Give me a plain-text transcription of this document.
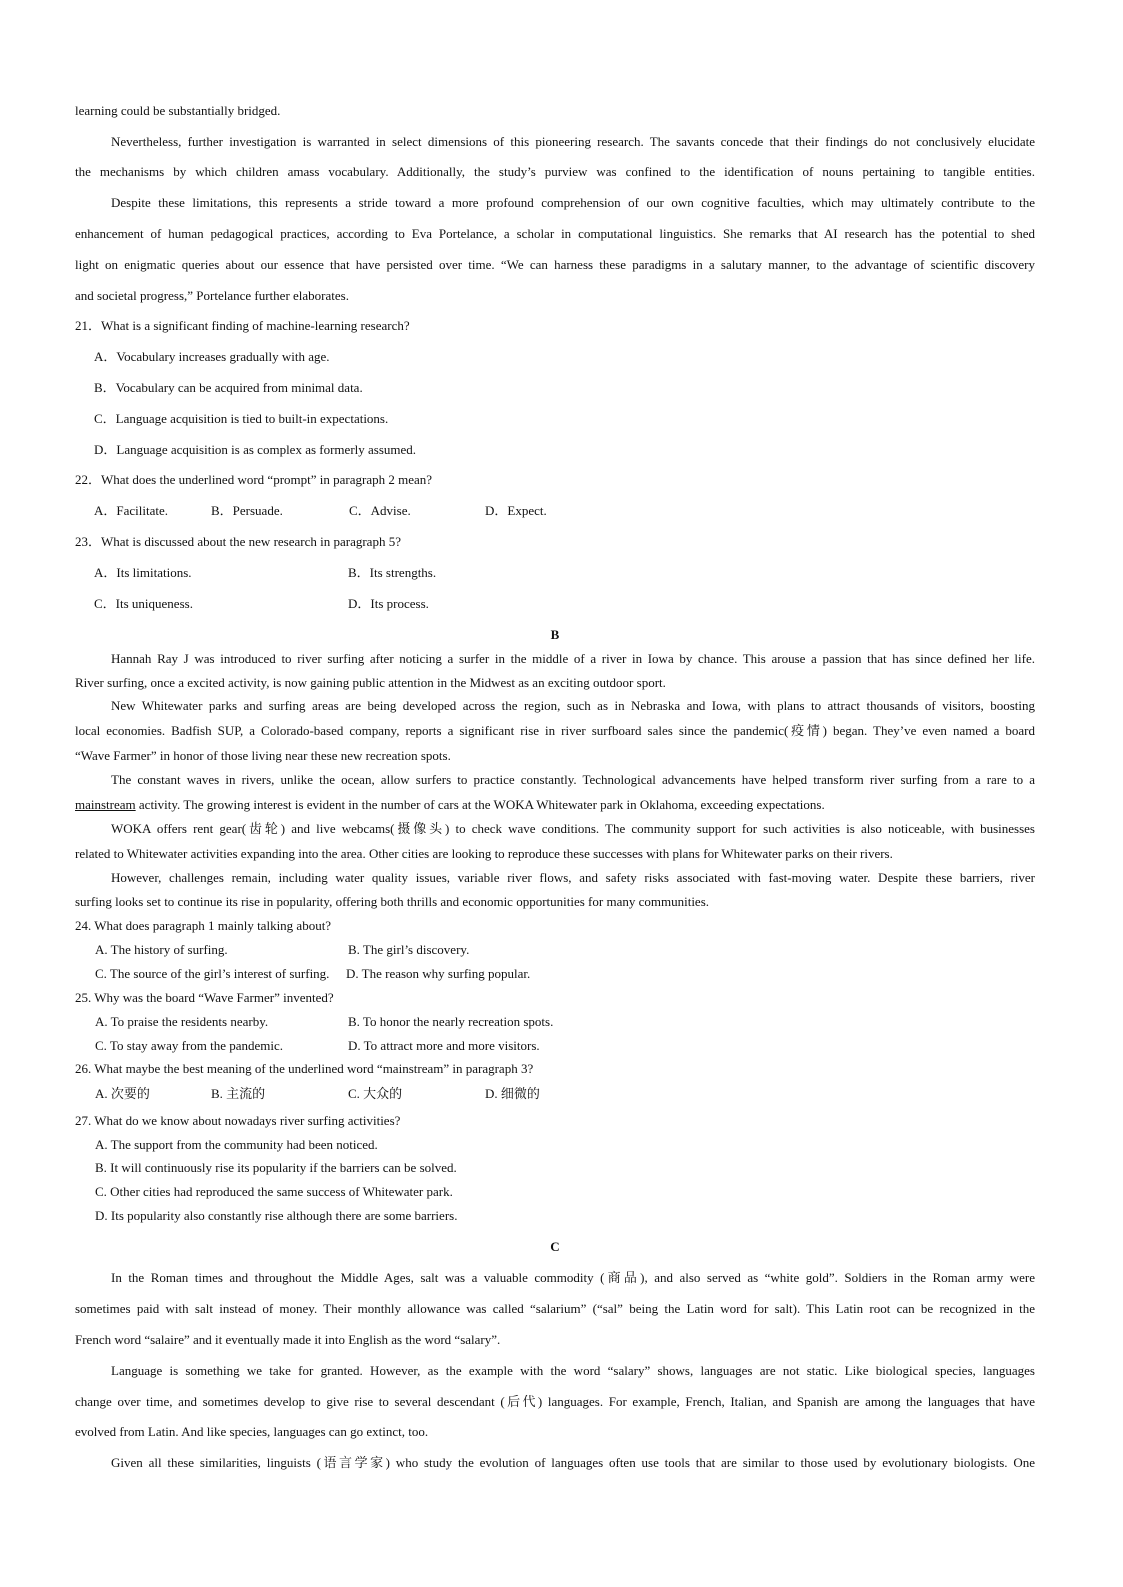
learning could be substantially bridged.
Nevertheless, further investigation is warranted in select dimensions of this pioneering research. The savants concede that their findings do not conclusively elucidate
the mechanisms by which children amass vocabulary. Additionally, the study’s purview was confined to the identification of nouns pertaining to tangible entities.
Despite these limitations, this represents a stride toward a more profound comprehension of our own cognitive faculties, which may ultimately contribute to the
enhancement of human pedagogical practices, according to Eva Portelance, a scholar in computational linguistics. She remarks that AI research has the potential to shed
light on enigmatic queries about our essence that have persisted over time. “We can harness these paradigms in a salutary manner, to the advantage of scientific discovery
and societal progress,” Portelance further elaborates.
21．What is a significant finding of machine-learning research?
A．Vocabulary increases gradually with age.
B．Vocabulary can be acquired from minimal data.
C．Language acquisition is tied to built-in expectations.
D．Language acquisition is as complex as formerly assumed.
22．What does the underlined word “prompt” in paragraph 2 mean?
A．Facilitate.	B．Persuade.	C．Advise.	D．Expect.
23．What is discussed about the new research in paragraph 5?
A．Its limitations.	B．Its strengths.
C．Its uniqueness.	D．Its process.
B
Hannah Ray J was introduced to river surfing after noticing a surfer in the middle of a river in Iowa by chance. This arouse a passion that has since defined her life.
River surfing, once a excited activity, is now gaining public attention in the Midwest as an exciting outdoor sport.
New Whitewater parks and surfing areas are being developed across the region, such as in Nebraska and Iowa, with plans to attract thousands of visitors, boosting
local economies. Badfish SUP, a Colorado-based company, reports a significant rise in river surfboard sales since the pandemic(疫情) began. They’ve even named a board
“Wave Farmer” in honor of those living near these new recreation spots.
The constant waves in rivers, unlike the ocean, allow surfers to practice constantly. Technological advancements have helped transform river surfing from a rare to a
mainstream activity. The growing interest is evident in the number of cars at the WOKA Whitewater park in Oklahoma, exceeding expectations.
WOKA offers rent gear(齿轮) and live webcams(摄像头) to check wave conditions. The community support for such activities is also noticeable, with businesses
related to Whitewater activities expanding into the area. Other cities are looking to reproduce these successes with plans for Whitewater parks on their rivers.
However, challenges remain, including water quality issues, variable river flows, and safety risks associated with fast-moving water. Despite these barriers, river
surfing looks set to continue its rise in popularity, offering both thrills and economic opportunities for many communities.
24. What does paragraph 1 mainly talking about?
A. The history of surfing.	B. The girl’s discovery.
C. The source of the girl’s interest of surfing. D. The reason why surfing popular.
25. Why was the board “Wave Farmer” invented?
A. To praise the residents nearby.	B. To honor the nearly recreation spots.
C. To stay away from the pandemic.	D. To attract more and more visitors.
26. What maybe the best meaning of the underlined word “mainstream” in paragraph 3?
A. 次要的	B. 主流的	C. 大众的	D. 细微的
27. What do we know about nowadays river surfing activities?
A. The support from the community had been noticed.
B. It will continuously rise its popularity if the barriers can be solved.
C. Other cities had reproduced the same success of Whitewater park.
D. Its popularity also constantly rise although there are some barriers.
C
In the Roman times and throughout the Middle Ages, salt was a valuable commodity (商品), and also served as “white gold”. Soldiers in the Roman army were
sometimes paid with salt instead of money. Their monthly allowance was called “salarium” (“sal” being the Latin word for salt). This Latin root can be recognized in the
French word “salaire” and it eventually made it into English as the word “salary”.
Language is something we take for granted. However, as the example with the word “salary” shows, languages are not static. Like biological species, languages
change over time, and sometimes develop to give rise to several descendant (后代) languages. For example, French, Italian, and Spanish are among the languages that have
evolved from Latin. And like species, languages can go extinct, too.
Given all these similarities, linguists (语言学家) who study the evolution of languages often use tools that are similar to those used by evolutionary biologists. One
